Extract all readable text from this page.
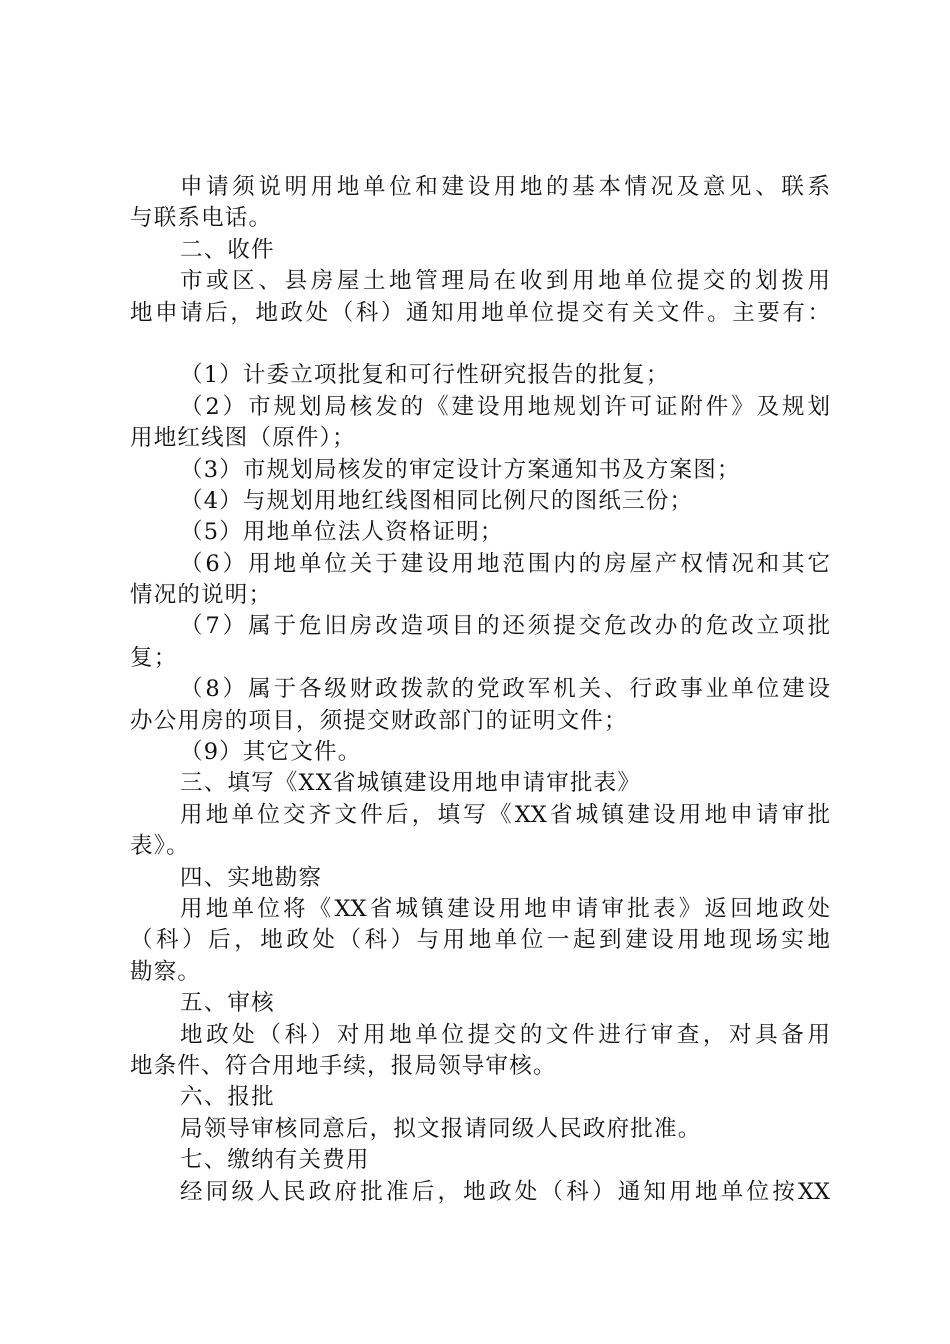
申请须说明用地单位和建设用地的基本情况及意见、联系
与联系电话。
二、收件
市或区、县房屋土地管理局在收到用地单位提交的划拨用
地申请后，地政处（科）通知用地单位提交有关文件。主要有：
（1）计委立项批复和可行性研究报告的批复；
（2）市规划局核发的《建设用地规划许可证附件》及规划
用地红线图（原件）；
（3）市规划局核发的审定设计方案通知书及方案图；
（4）与规划用地红线图相同比例尺的图纸三份；
（5）用地单位法人资格证明；
（6）用地单位关于建设用地范围内的房屋产权情况和其它
情况的说明；
（7）属于危旧房改造项目的还须提交危改办的危改立项批
复；
（8）属于各级财政拨款的党政军机关、行政事业单位建设
办公用房的项目，须提交财政部门的证明文件；
（9）其它文件。
三、填写《XX省城镇建设用地申请审批表》
用地单位交齐文件后，填写《XX省城镇建设用地申请审批
表》。
四、实地勘察
用地单位将《XX省城镇建设用地申请审批表》返回地政处
（科）后，地政处（科）与用地单位一起到建设用地现场实地
勘察。
五、审核
地政处（科）对用地单位提交的文件进行审查，对具备用
地条件、符合用地手续，报局领导审核。
六、报批
局领导审核同意后，拟文报请同级人民政府批准。
七、缴纳有关费用
经同级人民政府批准后，地政处（科）通知用地单位按XX
